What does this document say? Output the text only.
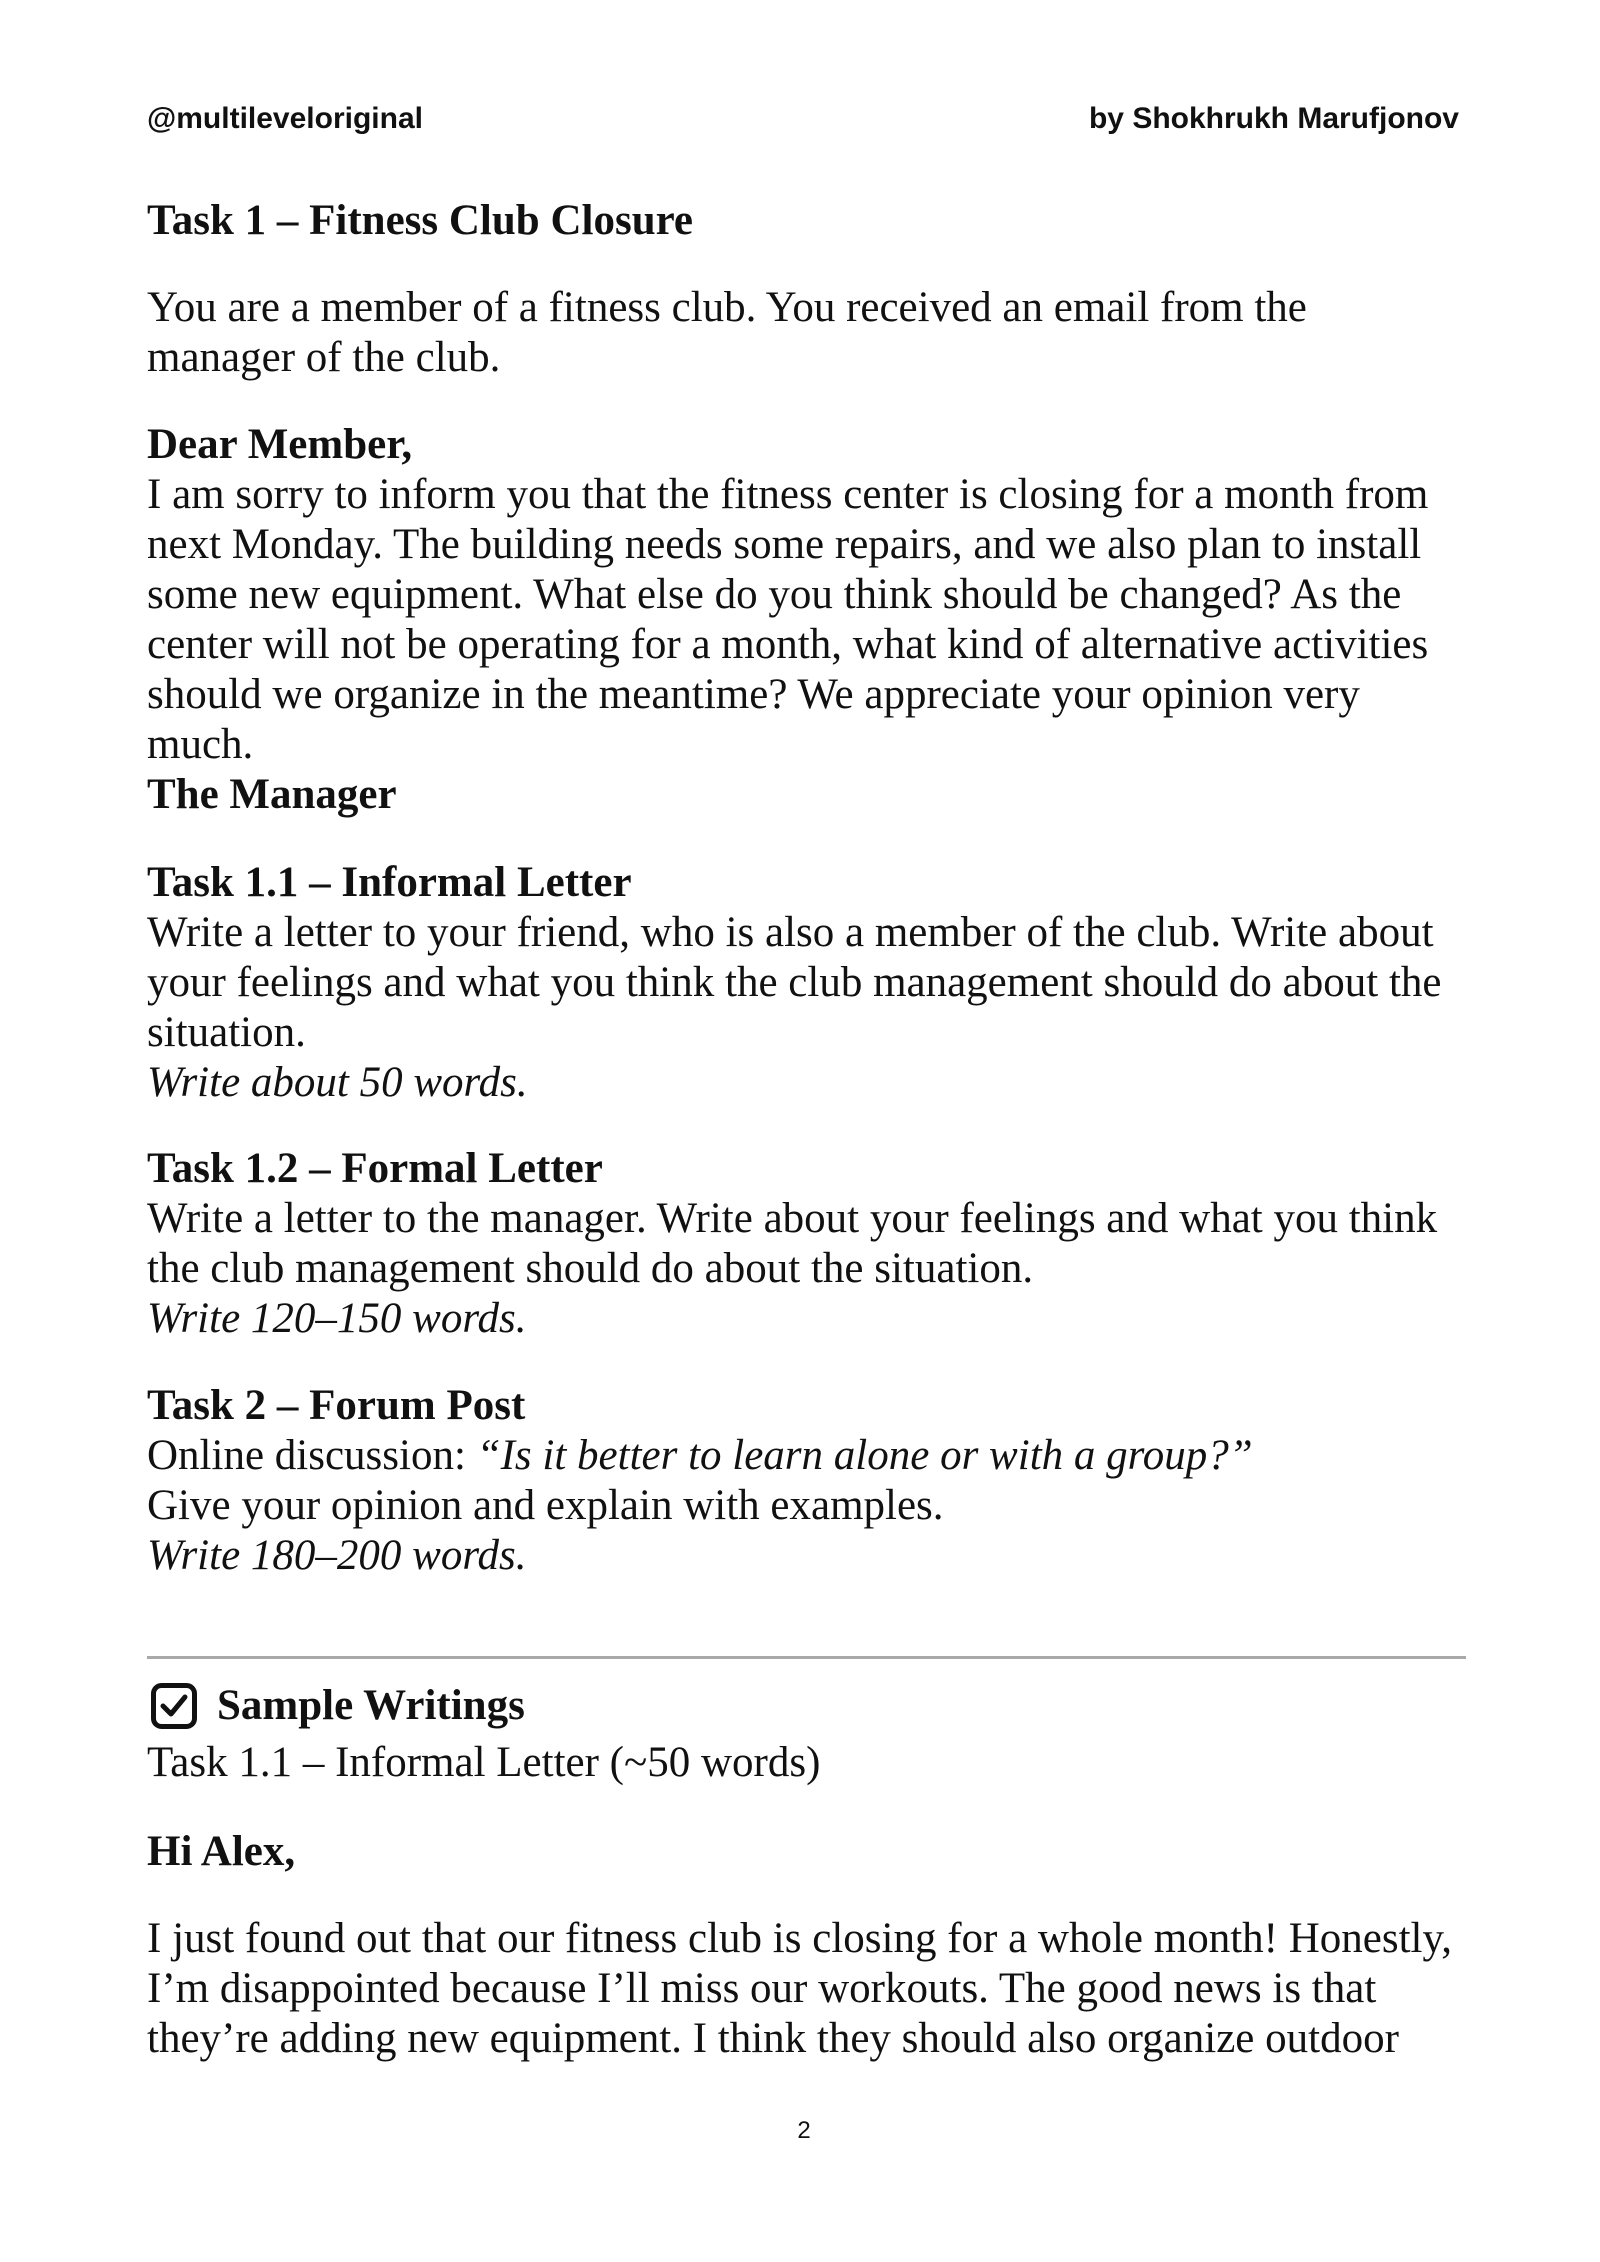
@multileveloriginal	by Shokhrukh Marufjonov
Task 1 – Fitness Club Closure
You are a member of a fitness club. You received an email from the
manager of the club.
Dear Member,
I am sorry to inform you that the fitness center is closing for a month from
next Monday. The building needs some repairs, and we also plan to install
some new equipment. What else do you think should be changed? As the
center will not be operating for a month, what kind of alternative activities
should we organize in the meantime? We appreciate your opinion very
much.
The Manager
Task 1.1 – Informal Letter
Write a letter to your friend, who is also a member of the club. Write about
your feelings and what you think the club management should do about the
situation.
Write about 50 words.
Task 1.2 – Formal Letter
Write a letter to the manager. Write about your feelings and what you think
the club management should do about the situation.
Write 120–150 words.
Task 2 – Forum Post
Online discussion: “Is it better to learn alone or with a group?”
Give your opinion and explain with examples.
Write 180–200 words.
Sample Writings
Task 1.1 – Informal Letter (~50 words)
Hi Alex,
I just found out that our fitness club is closing for a whole month! Honestly,
I’m disappointed because I’ll miss our workouts. The good news is that
they’re adding new equipment. I think they should also organize outdoor
2
